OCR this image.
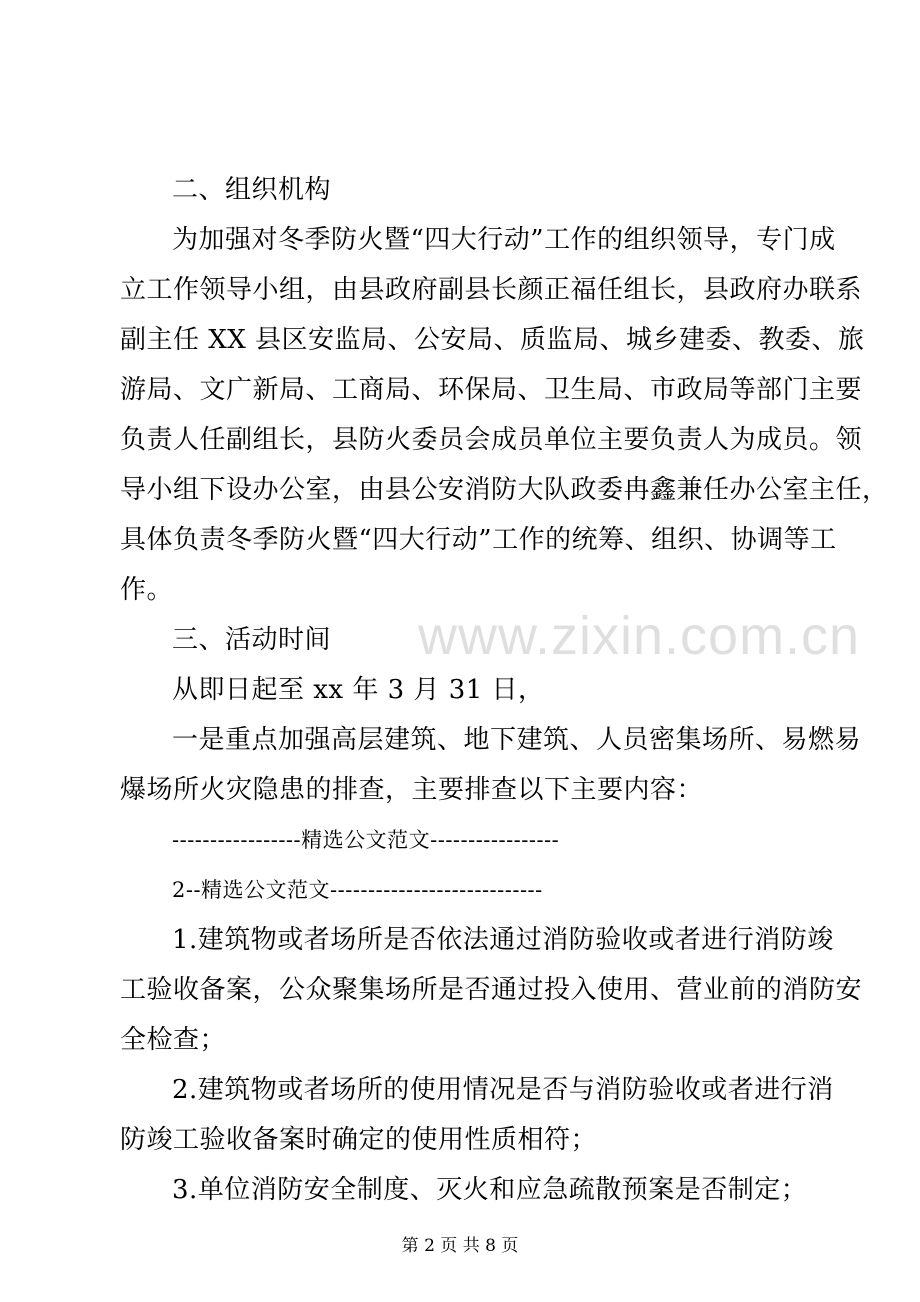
二、组织机构
为加强对冬季防火暨“四大行动”工作的组织领导，专门成
立工作领导小组，由县政府副县长颜正福任组长，县政府办联系
副主任 XX 县区安监局、公安局、质监局、城乡建委、教委、旅
游局、文广新局、工商局、环保局、卫生局、市政局等部门主要
负责人任副组长，县防火委员会成员单位主要负责人为成员。领
导小组下设办公室，由县公安消防大队政委冉鑫兼任办公室主任，
具体负责冬季防火暨“四大行动”工作的统筹、组织、协调等工
作。
三、活动时间
从即日起至 xx 年 3 月 31 日，
一是重点加强高层建筑、地下建筑、人员密集场所、易燃易
爆场所火灾隐患的排查，主要排查以下主要内容：
-----------------精选公文范文-----------------
2--精选公文范文----------------------------
1.建筑物或者场所是否依法通过消防验收或者进行消防竣
工验收备案，公众聚集场所是否通过投入使用、营业前的消防安
全检查；
2.建筑物或者场所的使用情况是否与消防验收或者进行消
防竣工验收备案时确定的使用性质相符；
3.单位消防安全制度、灭火和应急疏散预案是否制定；
www.zixin.com.cn
第 2 页 共 8 页
